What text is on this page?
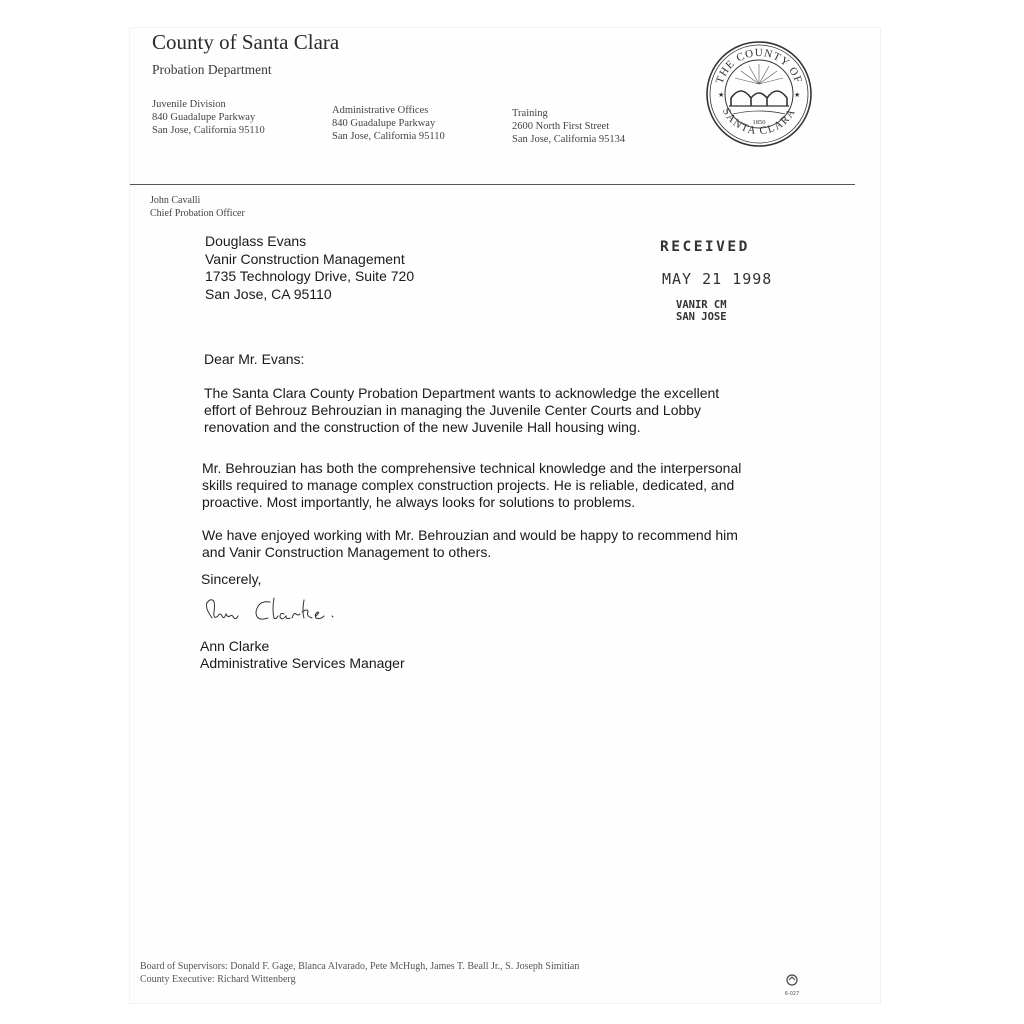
County of Santa Clara
Probation Department
Juvenile Division
840 Guadalupe Parkway
San Jose, California 95110
Administrative Offices
840 Guadalupe Parkway
San Jose, California 95110
Training
2600 North First Street
San Jose, California 95134
THE COUNTY OF
SANTA CLARA
★	★
1850
John Cavalli
Chief Probation Officer
Douglass Evans
Vanir Construction Management
1735 Technology Drive, Suite 720
San Jose, CA 95110
RECEIVED
MAY 21 1998
VANIR CM
SAN JOSE
Dear Mr. Evans:
The Santa Clara County Probation Department wants to acknowledge the excellent
effort of Behrouz Behrouzian in managing the Juvenile Center Courts and Lobby
renovation and the construction of the new Juvenile Hall housing wing.
Mr. Behrouzian has both the comprehensive technical knowledge and the interpersonal
skills required to manage complex construction projects. He is reliable, dedicated, and
proactive. Most importantly, he always looks for solutions to problems.
We have enjoyed working with Mr. Behrouzian and would be happy to recommend him
and Vanir Construction Management to others.
Sincerely,
Ann Clarke
Administrative Services Manager
Board of Supervisors: Donald F. Gage, Blanca Alvarado, Pete McHugh, James T. Beall Jr., S. Joseph Simitian
County Executive: Richard Wittenberg
6-027
